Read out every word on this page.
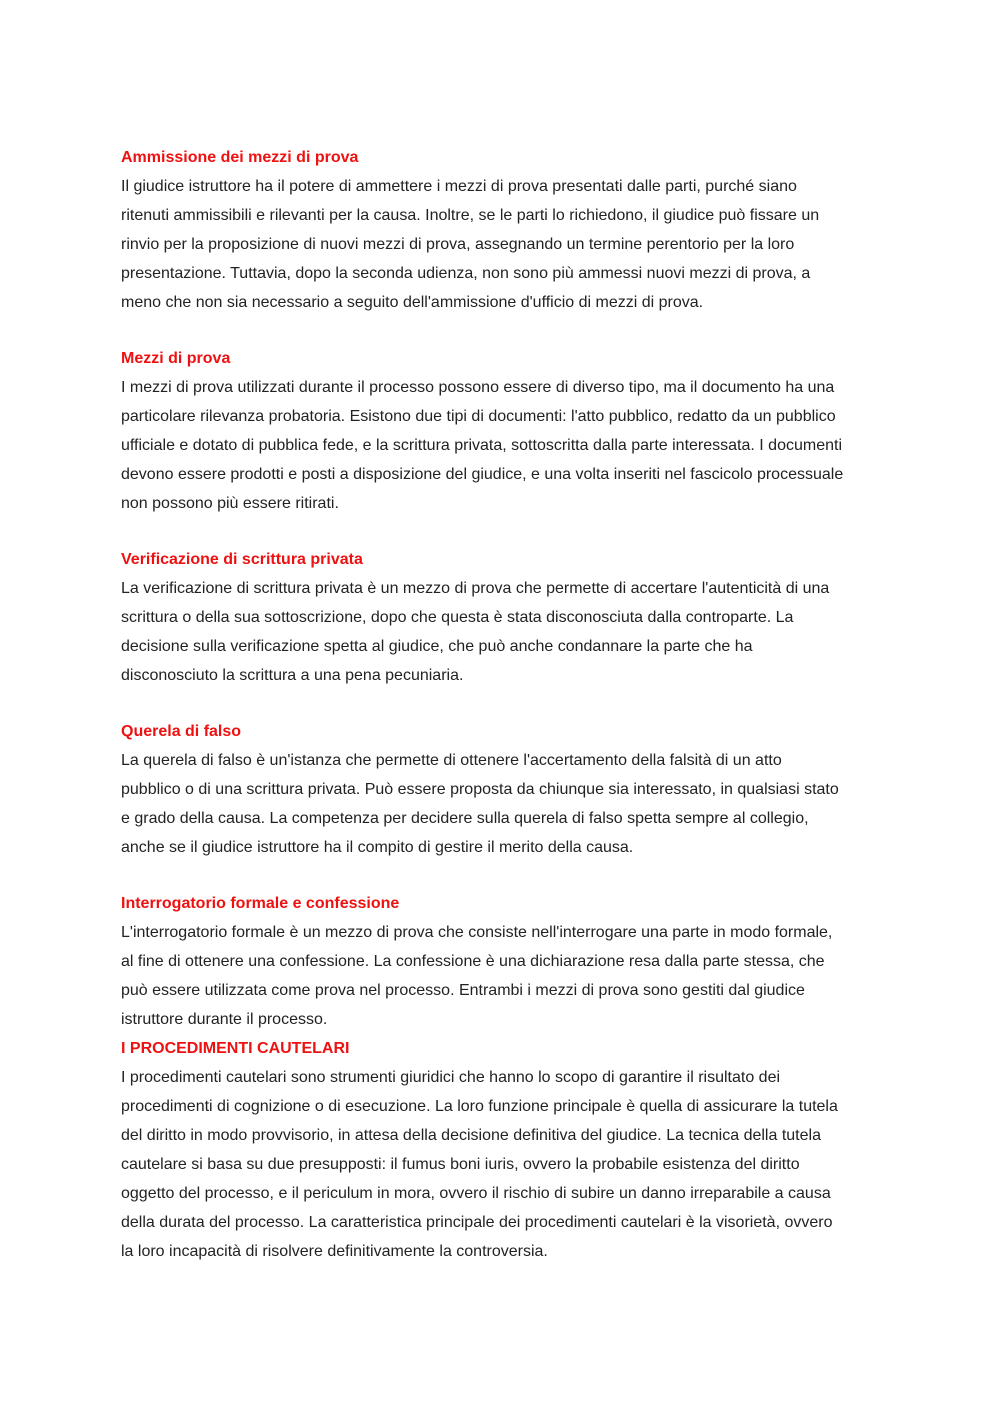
Ammissione dei mezzi di prova

Il giudice istruttore ha il potere di ammettere i mezzi di prova presentati dalle parti, purché siano
ritenuti ammissibili e rilevanti per la causa. Inoltre, se le parti lo richiedono, il giudice può fissare un
rinvio per la proposizione di nuovi mezzi di prova, assegnando un termine perentorio per la loro
presentazione. Tuttavia, dopo la seconda udienza, non sono più ammessi nuovi mezzi di prova, a
meno che non sia necessario a seguito dell'ammissione d'ufficio di mezzi di prova.

Mezzi di prova

I mezzi di prova utilizzati durante il processo possono essere di diverso tipo, ma il documento ha una
particolare rilevanza probatoria. Esistono due tipi di documenti: l'atto pubblico, redatto da un pubblico
ufficiale e dotato di pubblica fede, e la scrittura privata, sottoscritta dalla parte interessata. I documenti
devono essere prodotti e posti a disposizione del giudice, e una volta inseriti nel fascicolo processuale
non possono più essere ritirati.

Verificazione di scrittura privata

La verificazione di scrittura privata è un mezzo di prova che permette di accertare l'autenticità di una
scrittura o della sua sottoscrizione, dopo che questa è stata disconosciuta dalla controparte. La
decisione sulla verificazione spetta al giudice, che può anche condannare la parte che ha
disconosciuto la scrittura a una pena pecuniaria.

Querela di falso

La querela di falso è un'istanza che permette di ottenere l'accertamento della falsità di un atto
pubblico o di una scrittura privata. Può essere proposta da chiunque sia interessato, in qualsiasi stato
e grado della causa. La competenza per decidere sulla querela di falso spetta sempre al collegio,
anche se il giudice istruttore ha il compito di gestire il merito della causa.

Interrogatorio formale e confessione

L'interrogatorio formale è un mezzo di prova che consiste nell'interrogare una parte in modo formale,
al fine di ottenere una confessione. La confessione è una dichiarazione resa dalla parte stessa, che
può essere utilizzata come prova nel processo. Entrambi i mezzi di prova sono gestiti dal giudice
istruttore durante il processo.

I PROCEDIMENTI CAUTELARI

I procedimenti cautelari sono strumenti giuridici che hanno lo scopo di garantire il risultato dei
procedimenti di cognizione o di esecuzione. La loro funzione principale è quella di assicurare la tutela
del diritto in modo provvisorio, in attesa della decisione definitiva del giudice. La tecnica della tutela
cautelare si basa su due presupposti: il fumus boni iuris, ovvero la probabile esistenza del diritto
oggetto del processo, e il periculum in mora, ovvero il rischio di subire un danno irreparabile a causa
della durata del processo. La caratteristica principale dei procedimenti cautelari è la visorietà, ovvero
la loro incapacità di risolvere definitivamente la controversia.
